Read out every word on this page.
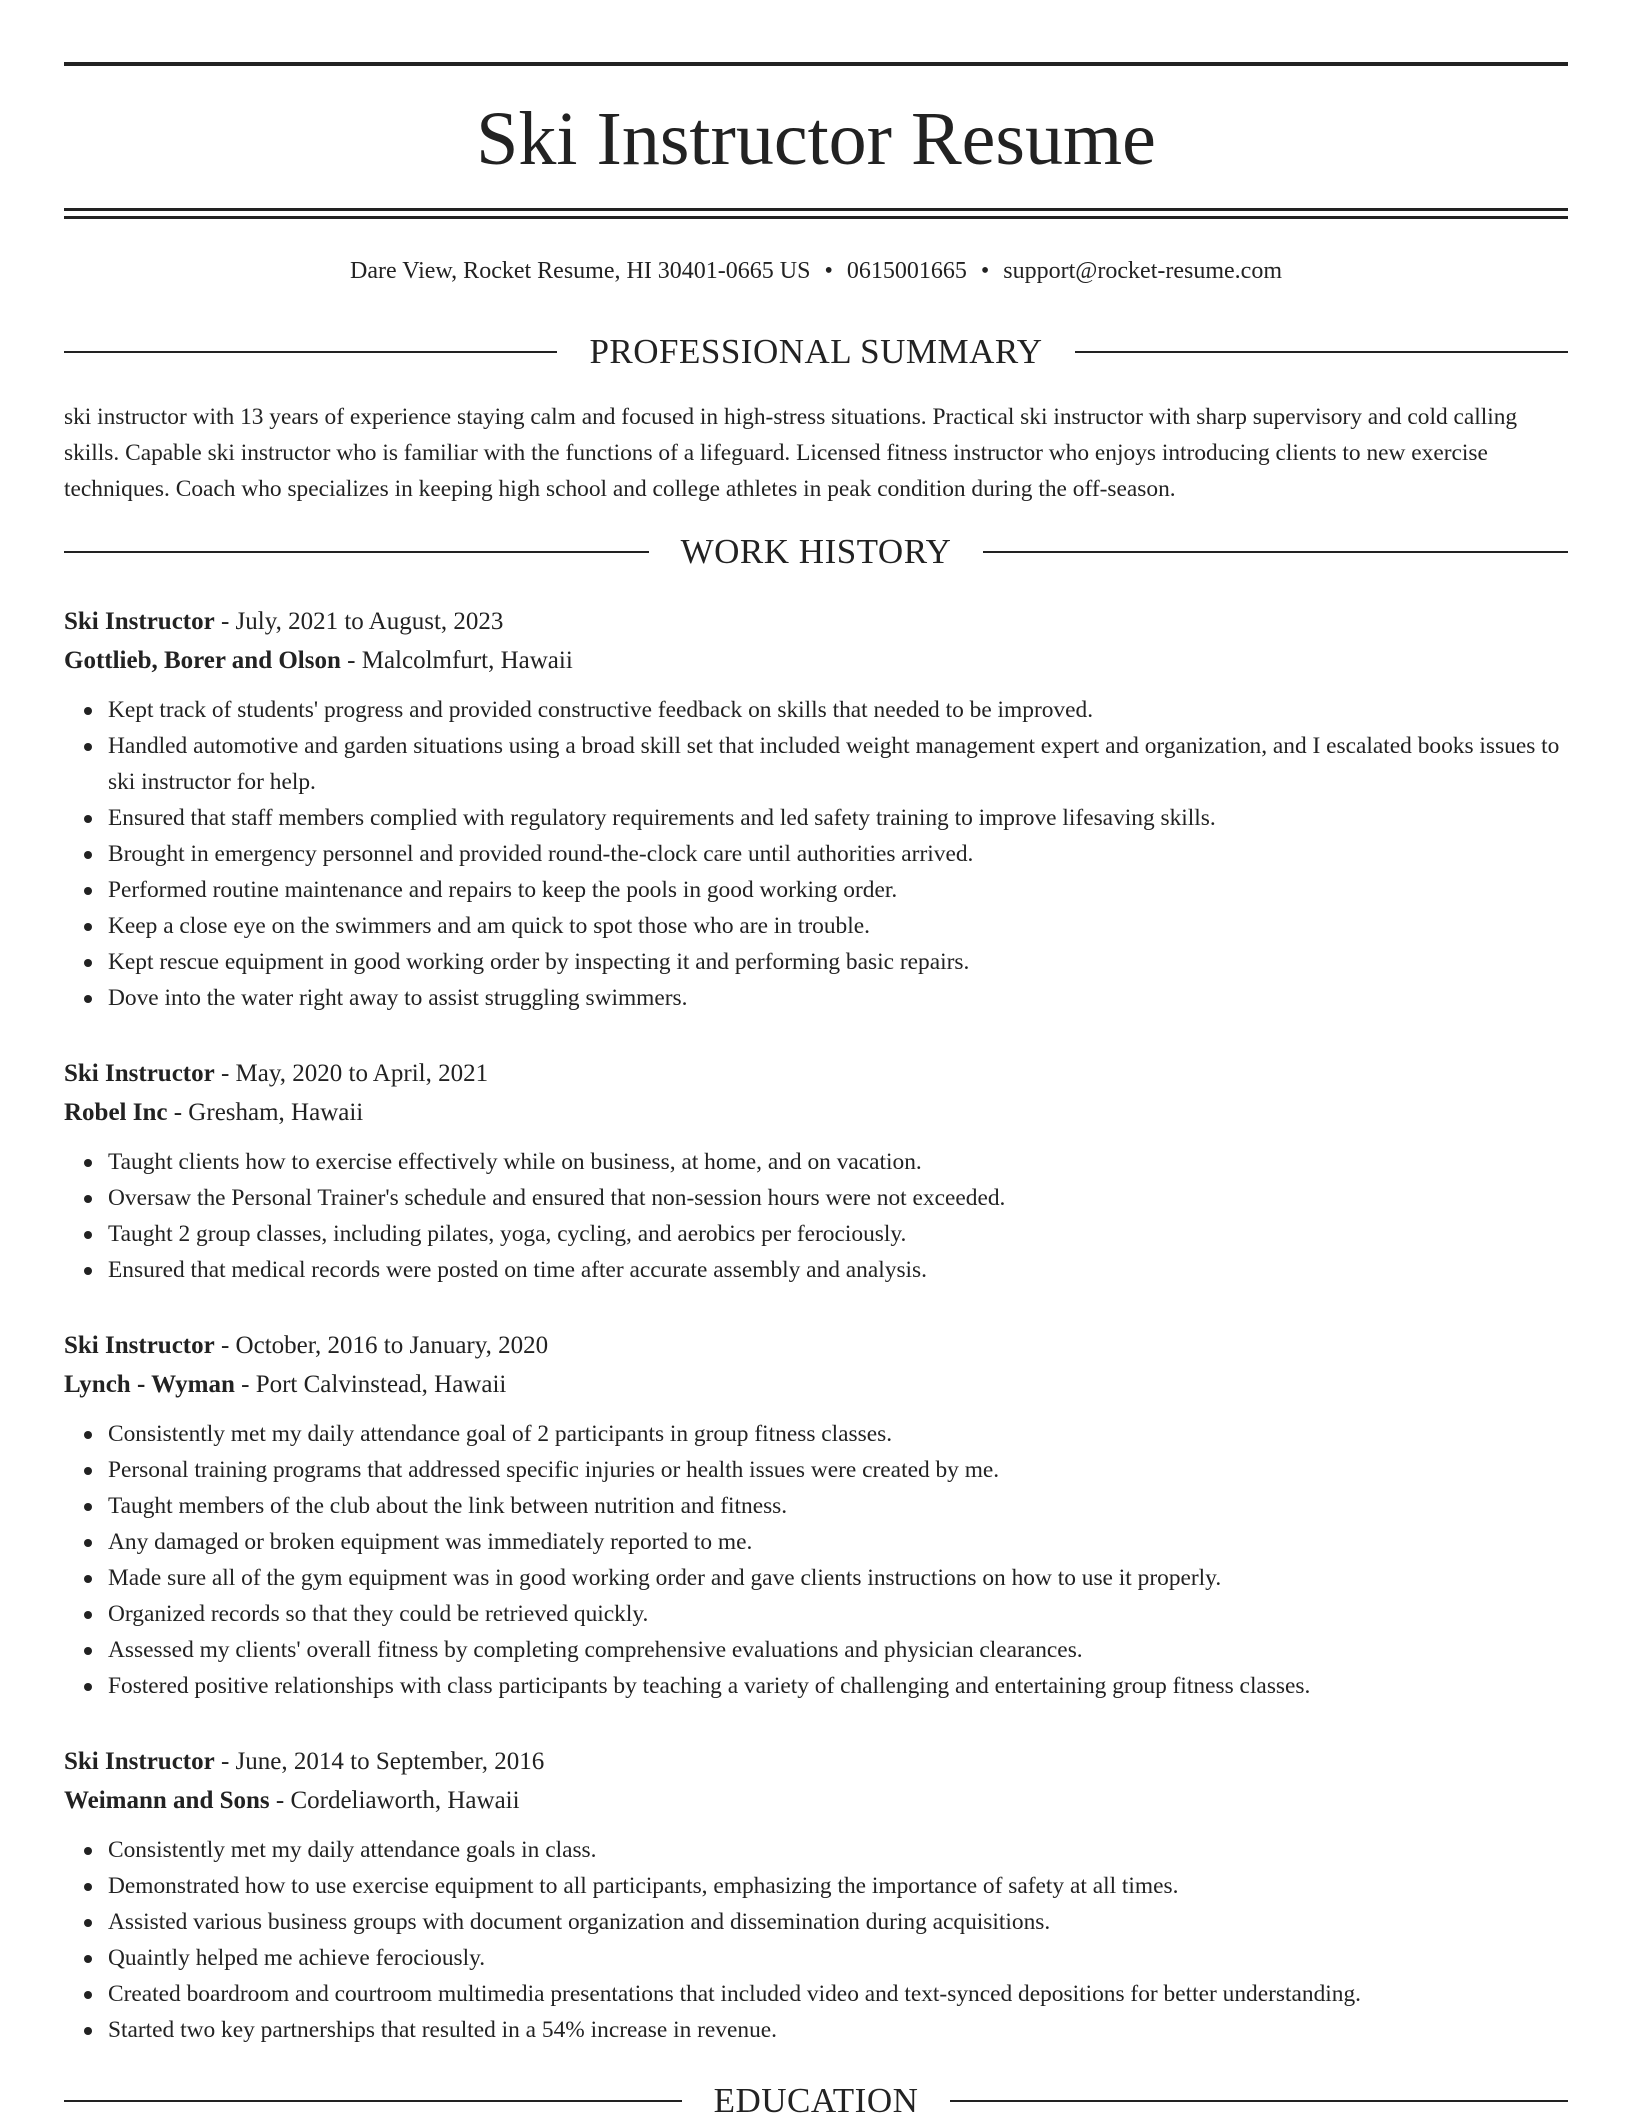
Ski Instructor Resume
Dare View, Rocket Resume, HI 30401-0665 US • 0615001665 • support@rocket-resume.com
PROFESSIONAL SUMMARY

ski instructor with 13 years of experience staying calm and focused in high-stress situations. Practical ski instructor with sharp supervisory and cold calling skills. Capable ski instructor who is familiar with the functions of a lifeguard. Licensed fitness instructor who enjoys introducing clients to new exercise techniques. Coach who specializes in keeping high school and college athletes in peak condition during the off-season.

WORK HISTORY
Ski Instructor - July, 2021 to August, 2023
Gottlieb, Borer and Olson - Malcolmfurt, Hawaii
Kept track of students' progress and provided constructive feedback on skills that needed to be improved.
Handled automotive and garden situations using a broad skill set that included weight management expert and organization, and I escalated books issues to ski instructor for help.
Ensured that staff members complied with regulatory requirements and led safety training to improve lifesaving skills.
Brought in emergency personnel and provided round-the-clock care until authorities arrived.
Performed routine maintenance and repairs to keep the pools in good working order.
Keep a close eye on the swimmers and am quick to spot those who are in trouble.
Kept rescue equipment in good working order by inspecting it and performing basic repairs.
Dove into the water right away to assist struggling swimmers.
Ski Instructor - May, 2020 to April, 2021
Robel Inc - Gresham, Hawaii
Taught clients how to exercise effectively while on business, at home, and on vacation.
Oversaw the Personal Trainer's schedule and ensured that non-session hours were not exceeded.
Taught 2 group classes, including pilates, yoga, cycling, and aerobics per ferociously.
Ensured that medical records were posted on time after accurate assembly and analysis.
Ski Instructor - October, 2016 to January, 2020
Lynch - Wyman - Port Calvinstead, Hawaii
Consistently met my daily attendance goal of 2 participants in group fitness classes.
Personal training programs that addressed specific injuries or health issues were created by me.
Taught members of the club about the link between nutrition and fitness.
Any damaged or broken equipment was immediately reported to me.
Made sure all of the gym equipment was in good working order and gave clients instructions on how to use it properly.
Organized records so that they could be retrieved quickly.
Assessed my clients' overall fitness by completing comprehensive evaluations and physician clearances.
Fostered positive relationships with class participants by teaching a variety of challenging and entertaining group fitness classes.
Ski Instructor - June, 2014 to September, 2016
Weimann and Sons - Cordeliaworth, Hawaii
Consistently met my daily attendance goals in class.
Demonstrated how to use exercise equipment to all participants, emphasizing the importance of safety at all times.
Assisted various business groups with document organization and dissemination during acquisitions.
Quaintly helped me achieve ferociously.
Created boardroom and courtroom multimedia presentations that included video and text-synced depositions for better understanding.
Started two key partnerships that resulted in a 54% increase in revenue.
EDUCATION
